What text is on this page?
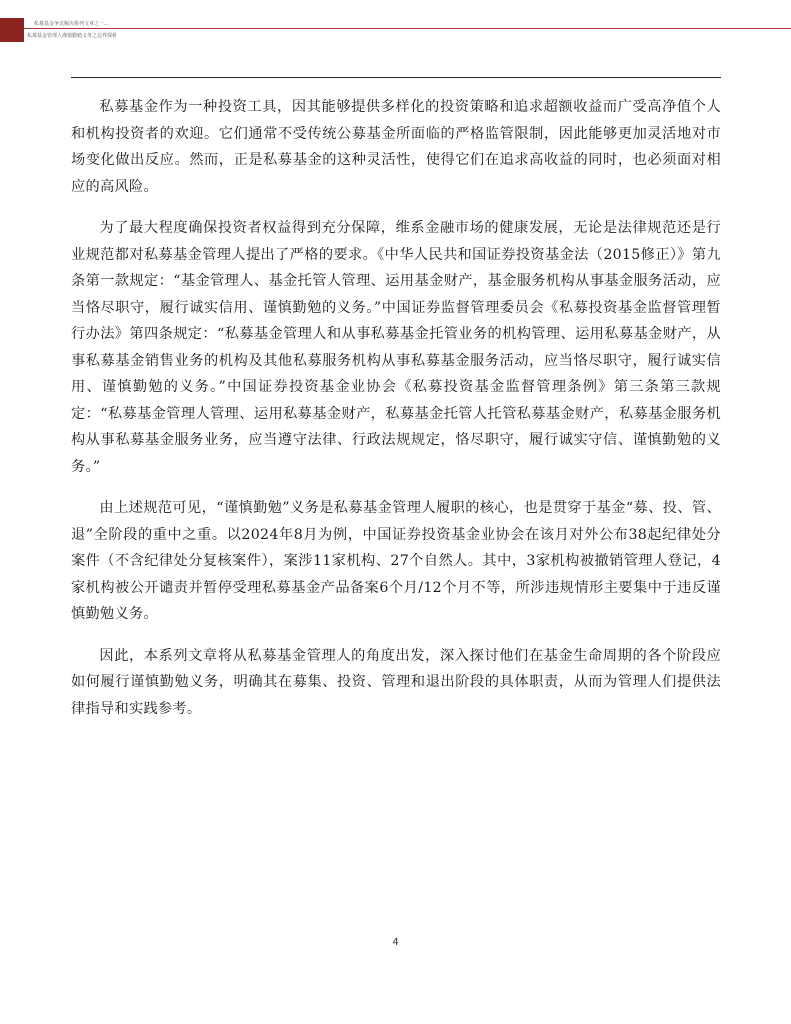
私募基金争议解决系列文章之一...
私募基金管理人谨慎勤勉义务之边界探析

私募基金作为一种投资工具，因其能够提供多样化的投资策略和追求超额收益而广受高净值个人和机构投资者的欢迎。它们通常不受传统公募基金所面临的严格监管限制，因此能够更加灵活地对市场变化做出反应。然而，正是私募基金的这种灵活性，使得它们在追求高收益的同时，也必须面对相应的高风险。

为了最大程度确保投资者权益得到充分保障，维系金融市场的健康发展，无论是法律规范还是行业规范都对私募基金管理人提出了严格的要求。《中华人民共和国证券投资基金法（2015修正）》第九条第一款规定：“基金管理人、基金托管人管理、运用基金财产，基金服务机构从事基金服务活动，应当恪尽职守，履行诚实信用、谨慎勤勉的义务。”中国证券监督管理委员会《私募投资基金监督管理暂行办法》第四条规定：“私募基金管理人和从事私募基金托管业务的机构管理、运用私募基金财产，从事私募基金销售业务的机构及其他私募服务机构从事私募基金服务活动，应当恪尽职守，履行诚实信用、谨慎勤勉的义务。”中国证券投资基金业协会《私募投资基金监督管理条例》第三条第三款规定：“私募基金管理人管理、运用私募基金财产，私募基金托管人托管私募基金财产，私募基金服务机构从事私募基金服务业务，应当遵守法律、行政法规规定，恪尽职守，履行诚实守信、谨慎勤勉的义务。”

由上述规范可见，“谨慎勤勉”义务是私募基金管理人履职的核心，也是贯穿于基金“募、投、管、退”全阶段的重中之重。以2024年8月为例，中国证券投资基金业协会在该月对外公布38起纪律处分案件（不含纪律处分复核案件），案涉11家机构、27个自然人。其中，3家机构被撤销管理人登记，4家机构被公开谴责并暂停受理私募基金产品备案6个月/12个月不等，所涉违规情形主要集中于违反谨慎勤勉义务。

因此，本系列文章将从私募基金管理人的角度出发，深入探讨他们在基金生命周期的各个阶段应如何履行谨慎勤勉义务，明确其在募集、投资、管理和退出阶段的具体职责，从而为管理人们提供法律指导和实践参考。

4
